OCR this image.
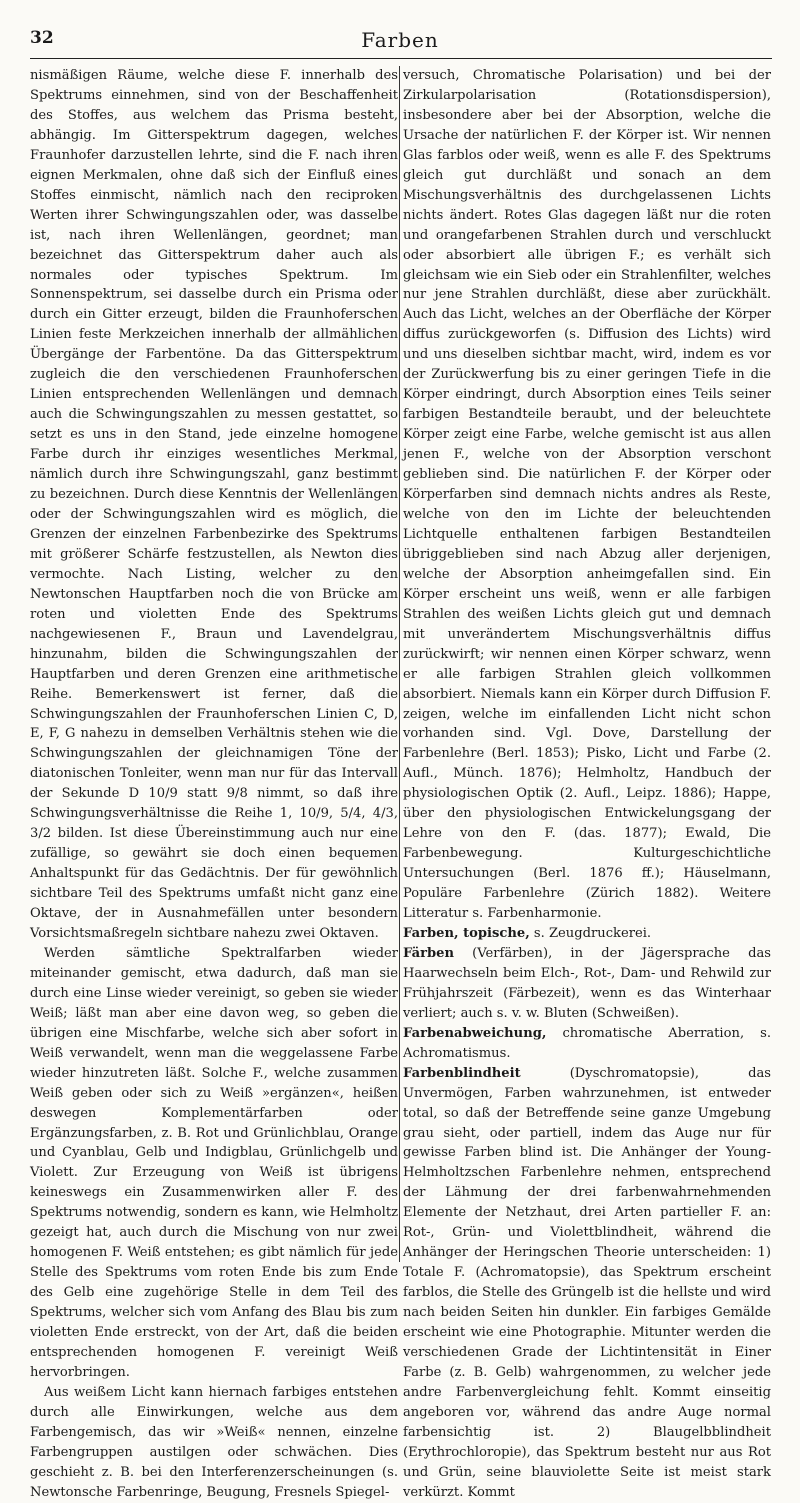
32	Farben

nismäßigen Räume, welche diese F. innerhalb des Spektrums einnehmen, sind von der Beschaffenheit des Stoffes, aus welchem das Prisma besteht, abhängig. Im Gitterspektrum dagegen, welches Fraunhofer darzustellen lehrte, sind die F. nach ihren eignen Merkmalen, ohne daß sich der Einfluß eines Stoffes einmischt, nämlich nach den reciproken Werten ihrer Schwingungszahlen oder, was dasselbe ist, nach ihren Wellenlängen, geordnet; man bezeichnet das Gitterspektrum daher auch als normales oder typisches Spektrum. Im Sonnenspektrum, sei dasselbe durch ein Prisma oder durch ein Gitter erzeugt, bilden die Fraunhoferschen Linien feste Merkzeichen innerhalb der allmählichen Übergänge der Farbentöne. Da das Gitterspektrum zugleich die den verschiedenen Fraunhoferschen Linien entsprechenden Wellenlängen und demnach auch die Schwingungszahlen zu messen gestattet, so setzt es uns in den Stand, jede einzelne homogene Farbe durch ihr einziges wesentliches Merkmal, nämlich durch ihre Schwingungszahl, ganz bestimmt zu bezeichnen. Durch diese Kenntnis der Wellenlängen oder der Schwingungszahlen wird es möglich, die Grenzen der einzelnen Farbenbezirke des Spektrums mit größerer Schärfe festzustellen, als Newton dies vermochte. Nach Listing, welcher zu den Newtonschen Hauptfarben noch die von Brücke am roten und violetten Ende des Spektrums nachgewiesenen F., Braun und Lavendelgrau, hinzunahm, bilden die Schwingungszahlen der Hauptfarben und deren Grenzen eine arithmetische Reihe. Bemerkenswert ist ferner, daß die Schwingungszahlen der Fraunhoferschen Linien C, D, E, F, G nahezu in demselben Verhältnis stehen wie die Schwingungszahlen der gleichnamigen Töne der diatonischen Tonleiter, wenn man nur für das Intervall der Sekunde D 10/9 statt 9/8 nimmt, so daß ihre Schwingungsverhältnisse die Reihe 1, 10/9, 5/4, 4/3, 3/2 bilden. Ist diese Übereinstimmung auch nur eine zufällige, so gewährt sie doch einen bequemen Anhaltspunkt für das Gedächtnis. Der für gewöhnlich sichtbare Teil des Spektrums umfaßt nicht ganz eine Oktave, der in Ausnahmefällen unter besondern Vorsichtsmaßregeln sichtbare nahezu zwei Oktaven.

Werden sämtliche Spektralfarben wieder miteinander gemischt, etwa dadurch, daß man sie durch eine Linse wieder vereinigt, so geben sie wieder Weiß; läßt man aber eine davon weg, so geben die übrigen eine Mischfarbe, welche sich aber sofort in Weiß verwandelt, wenn man die weggelassene Farbe wieder hinzutreten läßt. Solche F., welche zusammen Weiß geben oder sich zu Weiß »ergänzen«, heißen deswegen Komplementärfarben oder Ergänzungsfarben, z. B. Rot und Grünlichblau, Orange und Cyanblau, Gelb und Indigblau, Grünlichgelb und Violett. Zur Erzeugung von Weiß ist übrigens keineswegs ein Zusammenwirken aller F. des Spektrums notwendig, sondern es kann, wie Helmholtz gezeigt hat, auch durch die Mischung von nur zwei homogenen F. Weiß entstehen; es gibt nämlich für jede Stelle des Spektrums vom roten Ende bis zum Ende des Gelb eine zugehörige Stelle in dem Teil des Spektrums, welcher sich vom Anfang des Blau bis zum violetten Ende erstreckt, von der Art, daß die beiden entsprechenden homogenen F. vereinigt Weiß hervorbringen.

Aus weißem Licht kann hiernach farbiges entstehen durch alle Einwirkungen, welche aus dem Farbengemisch, das wir »Weiß« nennen, einzelne Farbengruppen austilgen oder schwächen. Dies geschieht z. B. bei den Interferenzerscheinungen (s. Newtonsche Farbenringe, Beugung, Fresnels Spiegel-

versuch, Chromatische Polarisation) und bei der Zirkularpolarisation (Rotationsdispersion), insbesondere aber bei der Absorption, welche die Ursache der natürlichen F. der Körper ist. Wir nennen Glas farblos oder weiß, wenn es alle F. des Spektrums gleich gut durchläßt und sonach an dem Mischungsverhältnis des durchgelassenen Lichts nichts ändert. Rotes Glas dagegen läßt nur die roten und orangefarbenen Strahlen durch und verschluckt oder absorbiert alle übrigen F.; es verhält sich gleichsam wie ein Sieb oder ein Strahlenfilter, welches nur jene Strahlen durchläßt, diese aber zurückhält. Auch das Licht, welches an der Oberfläche der Körper diffus zurückgeworfen (s. Diffusion des Lichts) wird und uns dieselben sichtbar macht, wird, indem es vor der Zurückwerfung bis zu einer geringen Tiefe in die Körper eindringt, durch Absorption eines Teils seiner farbigen Bestandteile beraubt, und der beleuchtete Körper zeigt eine Farbe, welche gemischt ist aus allen jenen F., welche von der Absorption verschont geblieben sind. Die natürlichen F. der Körper oder Körperfarben sind demnach nichts andres als Reste, welche von den im Lichte der beleuchtenden Lichtquelle enthaltenen farbigen Bestandteilen übriggeblieben sind nach Abzug aller derjenigen, welche der Absorption anheimgefallen sind. Ein Körper erscheint uns weiß, wenn er alle farbigen Strahlen des weißen Lichts gleich gut und demnach mit unverändertem Mischungsverhältnis diffus zurückwirft; wir nennen einen Körper schwarz, wenn er alle farbigen Strahlen gleich vollkommen absorbiert. Niemals kann ein Körper durch Diffusion F. zeigen, welche im einfallenden Licht nicht schon vorhanden sind. Vgl. Dove, Darstellung der Farbenlehre (Berl. 1853); Pisko, Licht und Farbe (2. Aufl., Münch. 1876); Helmholtz, Handbuch der physiologischen Optik (2. Aufl., Leipz. 1886); Happe, über den physiologischen Entwickelungsgang der Lehre von den F. (das. 1877); Ewald, Die Farbenbewegung. Kulturgeschichtliche Untersuchungen (Berl. 1876 ff.); Häuselmann, Populäre Farbenlehre (Zürich 1882). Weitere Litteratur s. Farbenharmonie.

Farben, topische, s. Zeugdruckerei.

Färben (Verfärben), in der Jägersprache das Haarwechseln beim Elch-, Rot-, Dam- und Rehwild zur Frühjahrszeit (Färbezeit), wenn es das Winterhaar verliert; auch s. v. w. Bluten (Schweißen).

Farbenabweichung, chromatische Aberration, s. Achromatismus.

Farbenblindheit (Dyschromatopsie), das Unvermögen, Farben wahrzunehmen, ist entweder total, so daß der Betreffende seine ganze Umgebung grau sieht, oder partiell, indem das Auge nur für gewisse Farben blind ist. Die Anhänger der Young-Helmholtzschen Farbenlehre nehmen, entsprechend der Lähmung der drei farbenwahrnehmenden Elemente der Netzhaut, drei Arten partieller F. an: Rot-, Grün- und Violettblindheit, während die Anhänger der Heringschen Theorie unterscheiden: 1) Totale F. (Achromatopsie), das Spektrum erscheint farblos, die Stelle des Grüngelb ist die hellste und wird nach beiden Seiten hin dunkler. Ein farbiges Gemälde erscheint wie eine Photographie. Mitunter werden die verschiedenen Grade der Lichtintensität in Einer Farbe (z. B. Gelb) wahrgenommen, zu welcher jede andre Farbenvergleichung fehlt. Kommt einseitig angeboren vor, während das andre Auge normal farbensichtig ist. 2) Blaugelbblindheit (Erythrochloropie), das Spektrum besteht nur aus Rot und Grün, seine blauviolette Seite ist meist stark verkürzt. Kommt
